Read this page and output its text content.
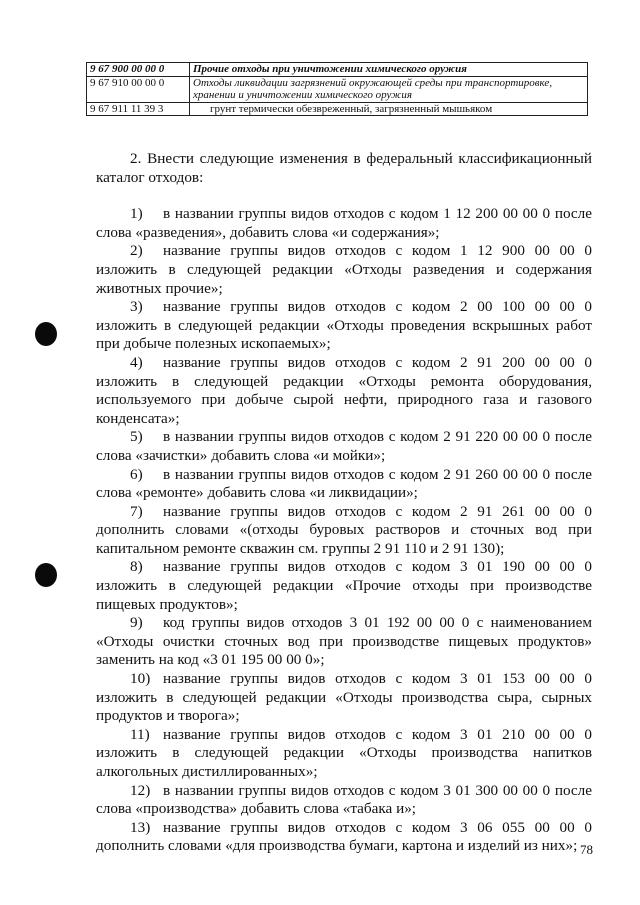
9 67 900 00 00 0	Прочие отходы при уничтожении химического оружия
9 67 910 00 00 0	Отходы ликвидации загрязнений окружающей среды при транспортировке, хранении и уничтожении химического оружия
9 67 911 11 39 3	грунт термически обезвреженный, загрязненный мышьяком

2. Внести следующие изменения в федеральный классификационный каталог отходов:

1) в названии группы видов отходов с кодом 1 12 200 00 00 0 после слова «разведения», добавить слова «и содержания»;

2) название группы видов отходов с кодом 1 12 900 00 00 0 изложить в следующей редакции «Отходы разведения и содержания животных прочие»;

3) название группы видов отходов с кодом 2 00 100 00 00 0 изложить в следующей редакции «Отходы проведения вскрышных работ при добыче полезных ископаемых»;

4) название группы видов отходов с кодом 2 91 200 00 00 0 изложить в следующей редакции «Отходы ремонта оборудования, используемого при добыче сырой нефти, природного газа и газового конденсата»;

5) в названии группы видов отходов с кодом 2 91 220 00 00 0 после слова «зачистки» добавить слова «и мойки»;

6) в названии группы видов отходов с кодом 2 91 260 00 00 0 после слова «ремонте» добавить слова «и ликвидации»;

7) название группы видов отходов с кодом 2 91 261 00 00 0 дополнить словами «(отходы буровых растворов и сточных вод при капитальном ремонте скважин см. группы 2 91 110 и 2 91 130);

8) название группы видов отходов с кодом 3 01 190 00 00 0 изложить в следующей редакции «Прочие отходы при производстве пищевых продуктов»;

9) код группы видов отходов 3 01 192 00 00 0 с наименованием «Отходы очистки сточных вод при производстве пищевых продуктов» заменить на код «3 01 195 00 00 0»;

10) название группы видов отходов с кодом 3 01 153 00 00 0 изложить в следующей редакции «Отходы производства сыра, сырных продуктов и творога»;

11) название группы видов отходов с кодом 3 01 210 00 00 0 изложить в следующей редакции «Отходы производства напитков алкогольных дистиллированных»;

12) в названии группы видов отходов с кодом 3 01 300 00 00 0 после слова «производства» добавить слова «табака и»;

13) название группы видов отходов с кодом 3 06 055 00 00 0 дополнить словами «для производства бумаги, картона и изделий из них»; 78
